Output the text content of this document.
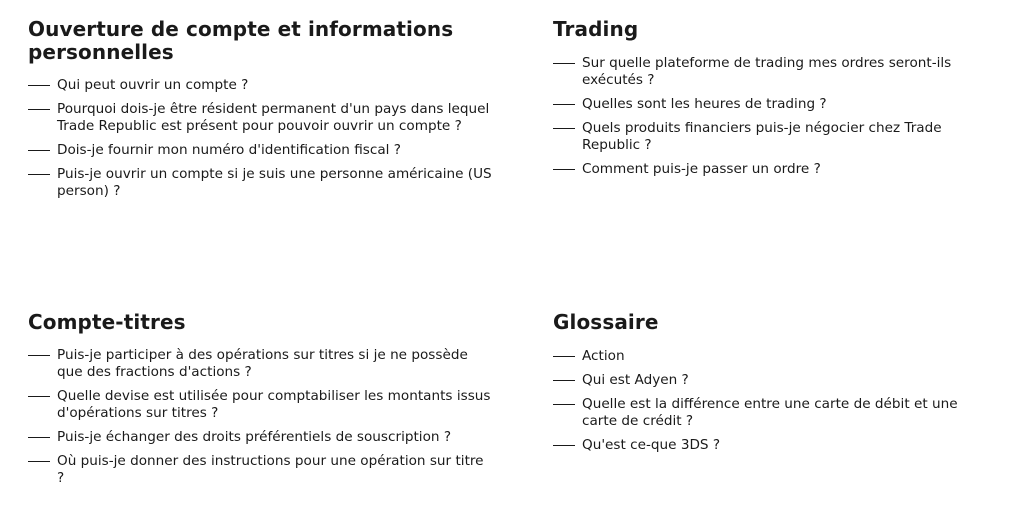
Ouverture de compte et informations personnelles
Qui peut ouvrir un compte ?
Pourquoi dois-je être résident permanent d'un pays dans lequel Trade Republic est présent pour pouvoir ouvrir un compte ?
Dois-je fournir mon numéro d'identification fiscal ?
Puis-je ouvrir un compte si je suis une personne américaine (US person) ?
Trading
Sur quelle plateforme de trading mes ordres seront-ils exécutés ?
Quelles sont les heures de trading ?
Quels produits financiers puis-je négocier chez Trade Republic ?
Comment puis-je passer un ordre ?
Compte-titres
Puis-je participer à des opérations sur titres si je ne possède que des fractions d'actions ?
Quelle devise est utilisée pour comptabiliser les montants issus d'opérations sur titres ?
Puis-je échanger des droits préférentiels de souscription ?
Où puis-je donner des instructions pour une opération sur titre ?
Glossaire
Action
Qui est Adyen ?
Quelle est la différence entre une carte de débit et une carte de crédit ?
Qu'est ce-que 3DS ?
